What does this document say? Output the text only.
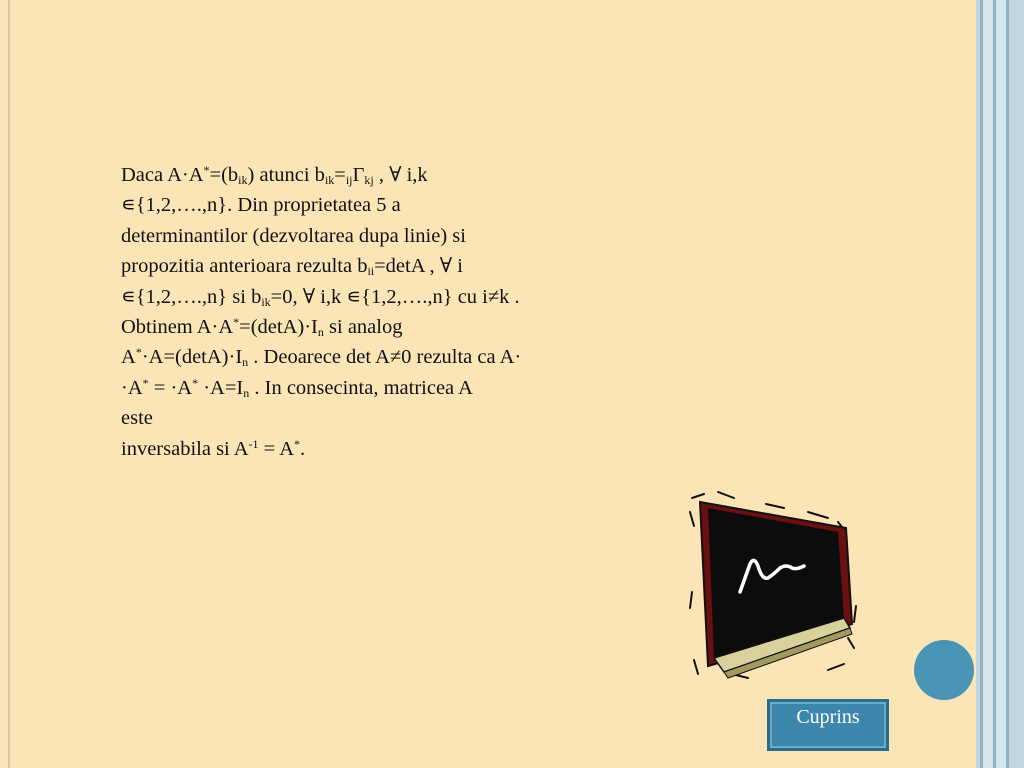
Daca $A\cdot A^*=(b_{ik})$ atunci $b_{ik}=_{ij}\Gamma_{kj}$ , ∀ i,k
∊{1,2,….,n}. Din proprietatea 5 a
determinantilor (dezvoltarea dupa linie) si
propozitia anterioara rezulta $b_{ii}=\det A$ , ∀ i
∊{1,2,….,n} si $b_{ik}=0$, ∀ i,k ∊{1,2,….,n} cu i≠k .
Obtinem $A\cdot A^*=(\det A)\cdot I_n$ si analog
$A^*\cdot A=(\det A)\cdot I_n$ . Deoarece det A≠0 rezulta ca A·
$\cdot A^* = \cdot A^* \cdot A=I_n$ . In consecinta, matricea A
este
inversabila si $A^{-1} = A^*$.
Cuprins
